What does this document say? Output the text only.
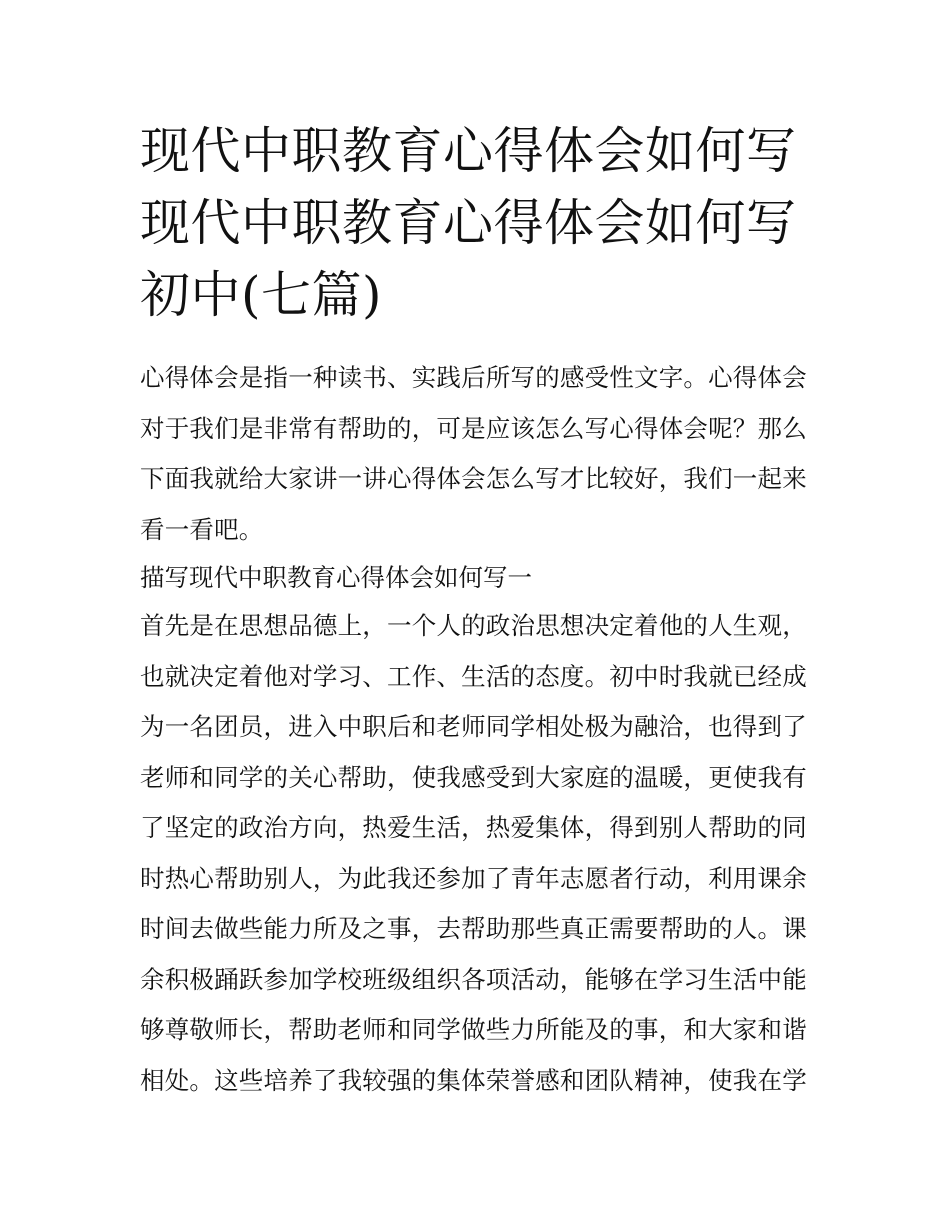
现代中职教育心得体会如何写
现代中职教育心得体会如何写
初中(七篇)
心得体会是指一种读书、实践后所写的感受性文字。心得体会
对于我们是非常有帮助的，可是应该怎么写心得体会呢？那么
下面我就给大家讲一讲心得体会怎么写才比较好，我们一起来
看一看吧。
描写现代中职教育心得体会如何写一
首先是在思想品德上，一个人的政治思想决定着他的人生观，
也就决定着他对学习、工作、生活的态度。初中时我就已经成
为一名团员，进入中职后和老师同学相处极为融洽，也得到了
老师和同学的关心帮助，使我感受到大家庭的温暖，更使我有
了坚定的政治方向，热爱生活，热爱集体，得到别人帮助的同
时热心帮助别人，为此我还参加了青年志愿者行动，利用课余
时间去做些能力所及之事，去帮助那些真正需要帮助的人。课
余积极踊跃参加学校班级组织各项活动，能够在学习生活中能
够尊敬师长，帮助老师和同学做些力所能及的事，和大家和谐
相处。这些培养了我较强的集体荣誉感和团队精神，使我在学
